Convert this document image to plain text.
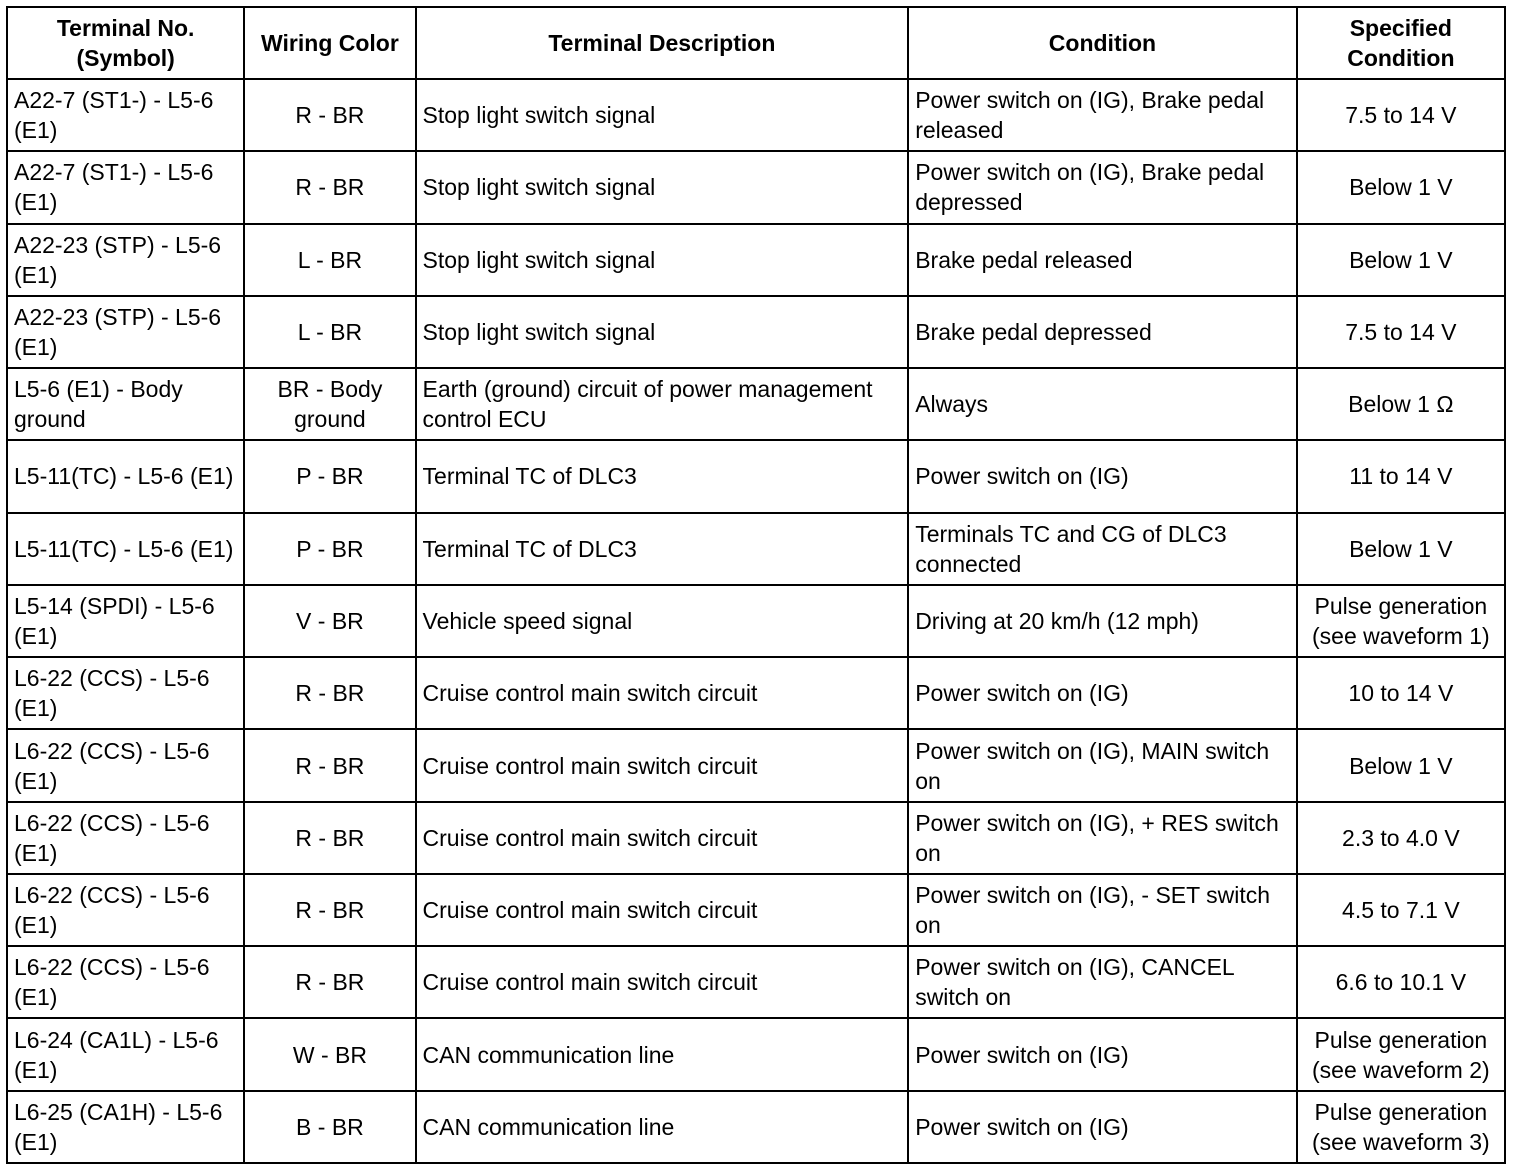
Terminal No. (Symbol)	Wiring Color	Terminal Description	Condition	Specified Condition
A22-7 (ST1-) - L5-6 (E1)	R - BR	Stop light switch signal	Power switch on (IG), Brake pedal released	7.5 to 14 V
A22-7 (ST1-) - L5-6 (E1)	R - BR	Stop light switch signal	Power switch on (IG), Brake pedal depressed	Below 1 V
A22-23 (STP) - L5-6 (E1)	L - BR	Stop light switch signal	Brake pedal released	Below 1 V
A22-23 (STP) - L5-6 (E1)	L - BR	Stop light switch signal	Brake pedal depressed	7.5 to 14 V
L5-6 (E1) - Body ground	BR - Body ground	Earth (ground) circuit of power management control ECU	Always	Below 1 Ω
L5-11(TC) - L5-6 (E1)	P - BR	Terminal TC of DLC3	Power switch on (IG)	11 to 14 V
L5-11(TC) - L5-6 (E1)	P - BR	Terminal TC of DLC3	Terminals TC and CG of DLC3 connected	Below 1 V
L5-14 (SPDI) - L5-6 (E1)	V - BR	Vehicle speed signal	Driving at 20 km/h (12 mph)	Pulse generation (see waveform 1)
L6-22 (CCS) - L5-6 (E1)	R - BR	Cruise control main switch circuit	Power switch on (IG)	10 to 14 V
L6-22 (CCS) - L5-6 (E1)	R - BR	Cruise control main switch circuit	Power switch on (IG), MAIN switch on	Below 1 V
L6-22 (CCS) - L5-6 (E1)	R - BR	Cruise control main switch circuit	Power switch on (IG), + RES switch on	2.3 to 4.0 V
L6-22 (CCS) - L5-6 (E1)	R - BR	Cruise control main switch circuit	Power switch on (IG), - SET switch on	4.5 to 7.1 V
L6-22 (CCS) - L5-6 (E1)	R - BR	Cruise control main switch circuit	Power switch on (IG), CANCEL switch on	6.6 to 10.1 V
L6-24 (CA1L) - L5-6 (E1)	W - BR	CAN communication line	Power switch on (IG)	Pulse generation (see waveform 2)
L6-25 (CA1H) - L5-6 (E1)	B - BR	CAN communication line	Power switch on (IG)	Pulse generation (see waveform 3)
